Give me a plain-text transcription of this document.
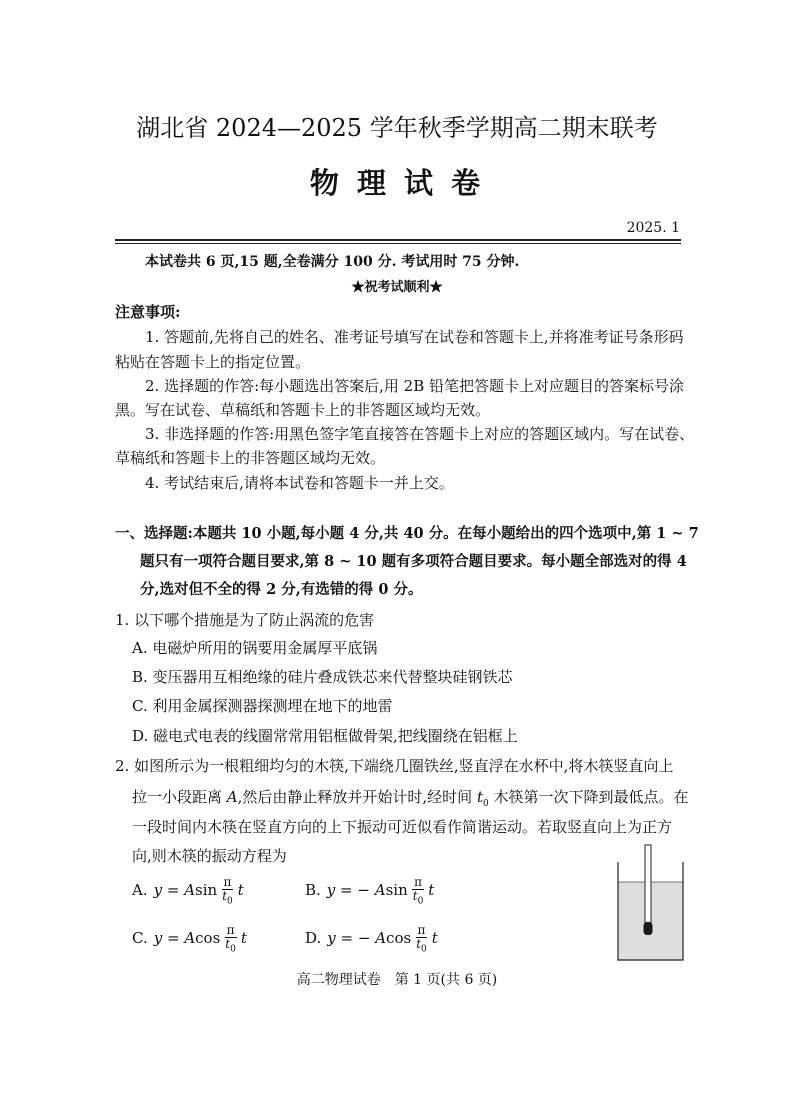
湖北省 2024—2025 学年秋季学期高二期末联考
物 理 试 卷
2025. 1
本试卷共 6 页,15 题,全卷满分 100 分. 考试用时 75 分钟.
★祝考试顺利★
注意事项:
1. 答题前,先将自己的姓名、准考证号填写在试卷和答题卡上,并将准考证号条形码
粘贴在答题卡上的指定位置。
2. 选择题的作答:每小题选出答案后,用 2B 铅笔把答题卡上对应题目的答案标号涂
黑。写在试卷、草稿纸和答题卡上的非答题区域均无效。
3. 非选择题的作答:用黑色签字笔直接答在答题卡上对应的答题区域内。写在试卷、
草稿纸和答题卡上的非答题区域均无效。
4. 考试结束后,请将本试卷和答题卡一并上交。
一、选择题:本题共 10 小题,每小题 4 分,共 40 分。在每小题给出的四个选项中,第 1 ~ 7
题只有一项符合题目要求,第 8 ~ 10 题有多项符合题目要求。每小题全部选对的得 4
分,选对但不全的得 2 分,有选错的得 0 分。
1. 以下哪个措施是为了防止涡流的危害
A. 电磁炉所用的锅要用金属厚平底锅
B. 变压器用互相绝缘的硅片叠成铁芯来代替整块硅钢铁芯
C. 利用金属探测器探测埋在地下的地雷
D. 磁电式电表的线圈常常用铝框做骨架,把线圈绕在铝框上
2. 如图所示为一根粗细均匀的木筷,下端绕几圈铁丝,竖直浮在水杯中,将木筷竖直向上
拉一小段距离 A,然后由静止释放并开始计时,经时间 $t_0$ 木筷第一次下降到最低点。在
一段时间内木筷在竖直方向的上下振动可近似看作简谐运动。若取竖直向上为正方
向,则木筷的振动方程为
A. y = A $\sin \frac{\pi}{t_0}$ t	B. y = − A $\sin \frac{\pi}{t_0}$ t
C. y = A $\cos \frac{\pi}{t_0}$ t	D. y = − A $\cos \frac{\pi}{t_0}$ t
高二物理试卷　第 1 页(共 6 页)
